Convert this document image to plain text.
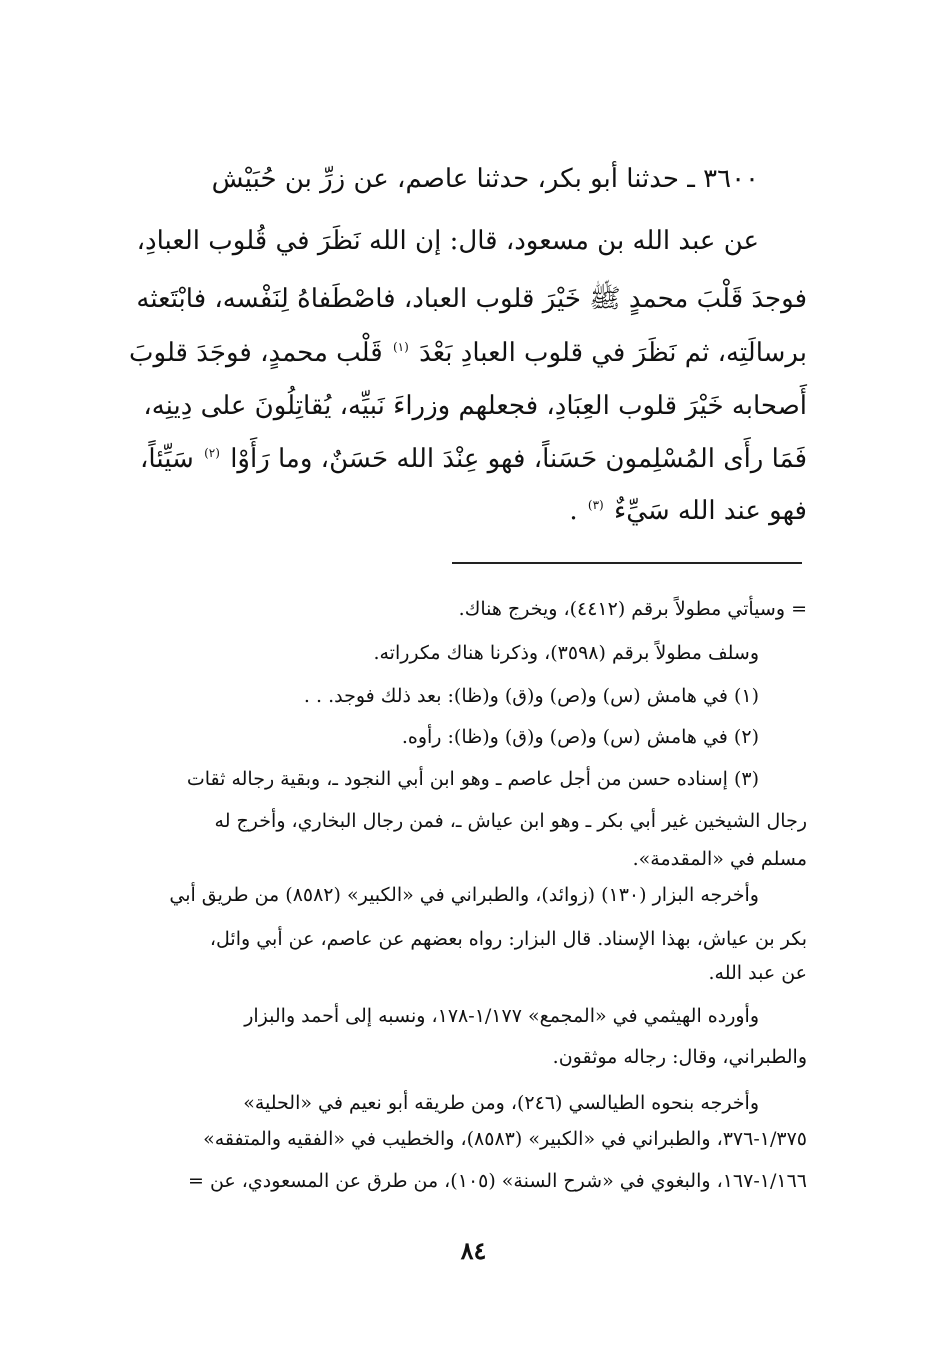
٣٦٠٠ ـ حدثنا أبو بكر، حدثنا عاصم، عن زرِّ بن حُبَيْش
عن عبد الله بن مسعود، قال: إن الله نَظَرَ في قُلوب العبادِ،
فوجدَ قَلْبَ محمدٍ ﷺ خَيْرَ قلوب العباد، فاصْطَفاهُ لِنَفْسه، فابْتَعثه
برسالَتِه، ثم نَظَرَ في قلوب العبادِ بَعْدَ $^{(١)}$ قَلْب محمدٍ، فوجَدَ قلوبَ
أَصحابه خَيْرَ قلوب العِبَادِ، فجعلهم وزراءَ نَبيِّه، يُقاتِلُونَ على دِينِه،
فَمَا رأَى المُسْلِمون حَسَناً، فهو عِنْدَ الله حَسَنٌ، وما رَأَوْا $^{(٢)}$ سَيِّئاً،
فهو عند الله سَيِّءٌ $^{(٣)}$ .
= وسيأتي مطولاً برقم (٤٤١٢)، ويخرج هناك.
وسلف مطولاً برقم (٣٥٩٨)، وذكرنا هناك مكرراته.
(١) في هامش (س) و(ص) و(ق) و(ظا): بعد ذلك فوجد. . .
(٢) في هامش (س) و(ص) و(ق) و(ظا): رأوه.
(٣) إسناده حسن من أجل عاصم ـ وهو ابن أبي النجود ـ، وبقية رجاله ثقات
رجال الشيخين غير أبي بكر ـ وهو ابن عياش ـ، فمن رجال البخاري، وأخرج له
مسلم في «المقدمة».
وأخرجه البزار (١٣٠) (زوائد)، والطبراني في «الكبير» (٨٥٨٢) من طريق أبي
بكر بن عياش، بهذا الإسناد. قال البزار: رواه بعضهم عن عاصم، عن أبي وائل،
عن عبد الله.
وأورده الهيثمي في «المجمع» ١/١٧٧-١٧٨، ونسبه إلى أحمد والبزار
والطبراني، وقال: رجاله موثقون.
وأخرجه بنحوه الطيالسي (٢٤٦)، ومن طريقه أبو نعيم في «الحلية»
١/٣٧٥-٣٧٦، والطبراني في «الكبير» (٨٥٨٣)، والخطيب في «الفقيه والمتفقه»
١/١٦٦-١٦٧، والبغوي في «شرح السنة» (١٠٥)، من طرق عن المسعودي، عن =
٨٤
